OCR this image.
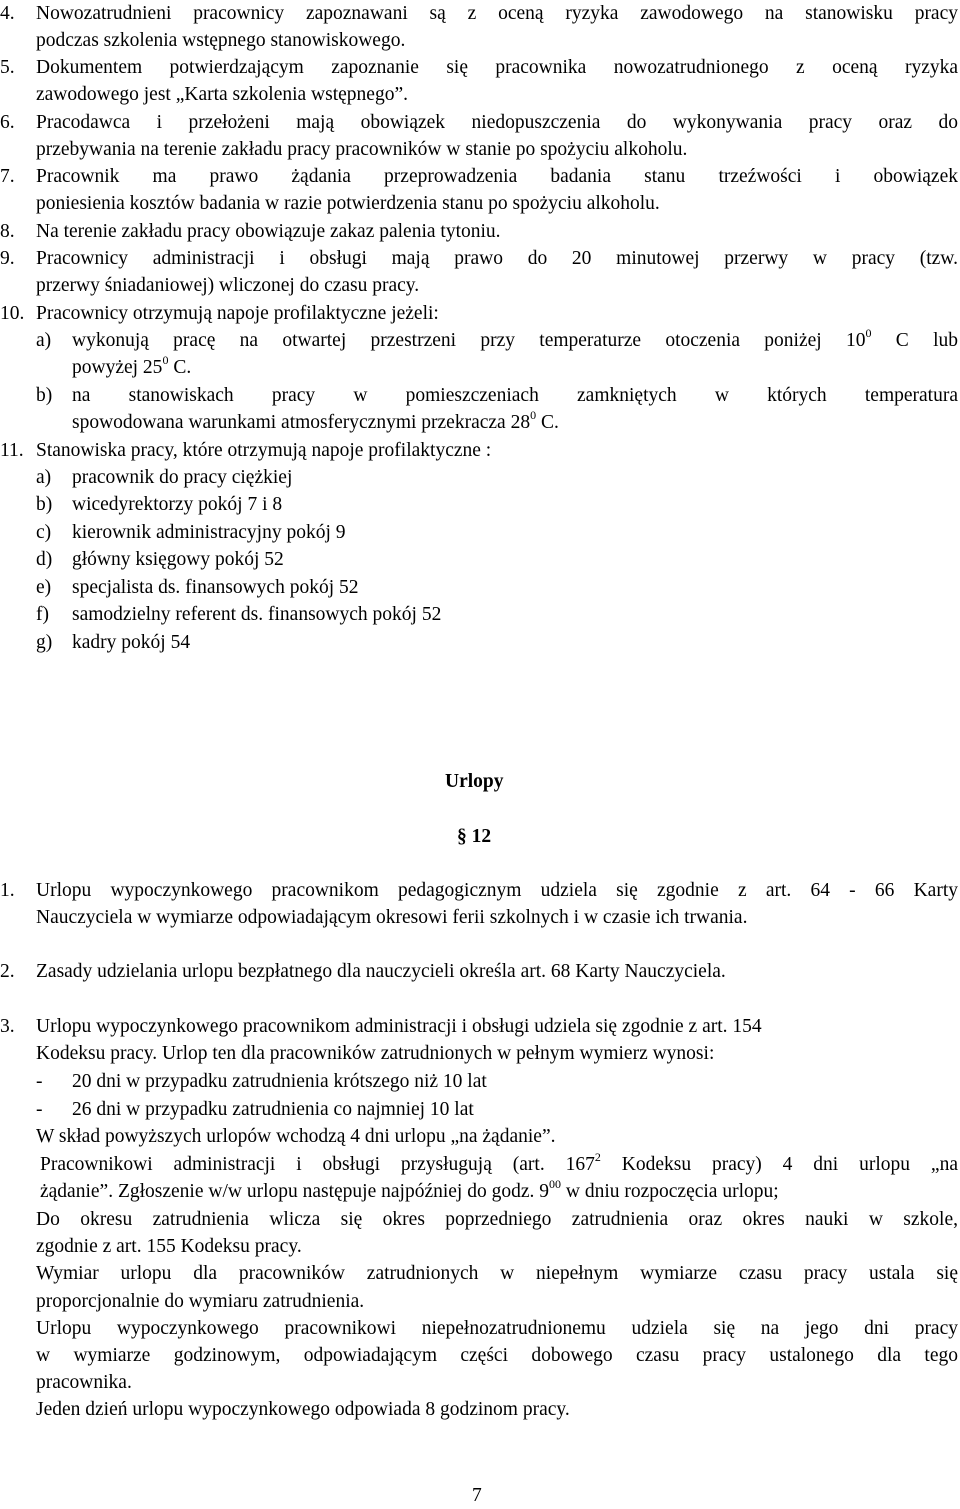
4. Nowozatrudnieni pracownicy zapoznawani są z oceną ryzyka zawodowego na stanowisku pracy
podczas szkolenia wstępnego stanowiskowego.
5. Dokumentem potwierdzającym zapoznanie się pracownika nowozatrudnionego z oceną ryzyka
zawodowego jest „Karta szkolenia wstępnego”.
6. Pracodawca i przełożeni mają obowiązek niedopuszczenia do wykonywania pracy oraz do
przebywania na terenie zakładu pracy pracowników w stanie po spożyciu alkoholu.
7. Pracownik ma prawo żądania przeprowadzenia badania stanu trzeźwości i obowiązek
poniesienia kosztów badania w razie potwierdzenia stanu po spożyciu alkoholu.
8. Na terenie zakładu pracy obowiązuje zakaz palenia tytoniu.
9. Pracownicy administracji i obsługi mają prawo do 20 minutowej przerwy w pracy (tzw.
przerwy śniadaniowej) wliczonej do czasu pracy.
10. Pracownicy otrzymują napoje profilaktyczne jeżeli:
a) wykonują pracę na otwartej przestrzeni przy temperaturze otoczenia poniżej $10^0$ C lub
powyżej $25^0$ C.
b) na stanowiskach pracy w pomieszczeniach zamkniętych w których temperatura
spowodowana warunkami atmosferycznymi przekracza $28^0$ C.
11. Stanowiska pracy, które otrzymują napoje profilaktyczne :
a) pracownik do pracy ciężkiej
b) wicedyrektorzy pokój 7 i 8
c) kierownik administracyjny pokój 9
d) główny księgowy pokój 52
e) specjalista ds. finansowych pokój 52
f) samodzielny referent ds. finansowych pokój 52
g) kadry pokój 54
Urlopy
§ 12
1. Urlopu wypoczynkowego pracownikom pedagogicznym udziela się zgodnie z art. 64 - 66 Karty
Nauczyciela w wymiarze odpowiadającym okresowi ferii szkolnych i w czasie ich trwania.
2. Zasady udzielania urlopu bezpłatnego dla nauczycieli określa art. 68 Karty Nauczyciela.
3. Urlopu wypoczynkowego pracownikom administracji i obsługi udziela się zgodnie z art. 154
Kodeksu pracy. Urlop ten dla pracowników zatrudnionych w pełnym wymierz wynosi:
- 20 dni w przypadku zatrudnienia krótszego niż 10 lat
- 26 dni w przypadku zatrudnienia co najmniej 10 lat
W skład powyższych urlopów wchodzą 4 dni urlopu „na żądanie”.
Pracownikowi administracji i obsługi przysługują (art. $167^2$ Kodeksu pracy) 4 dni urlopu „na
żądanie”. Zgłoszenie w/w urlopu następuje najpóźniej do godz. $9^{00}$ w dniu rozpoczęcia urlopu;
Do okresu zatrudnienia wlicza się okres poprzedniego zatrudnienia oraz okres nauki w szkole,
zgodnie z art. 155 Kodeksu pracy.
Wymiar urlopu dla pracowników zatrudnionych w niepełnym wymiarze czasu pracy ustala się
proporcjonalnie do wymiaru zatrudnienia.
Urlopu wypoczynkowego pracownikowi niepełnozatrudnionemu udziela się na jego dni pracy
w wymiarze godzinowym, odpowiadającym części dobowego czasu pracy ustalonego dla tego
pracownika.
Jeden dzień urlopu wypoczynkowego odpowiada 8 godzinom pracy.
7
